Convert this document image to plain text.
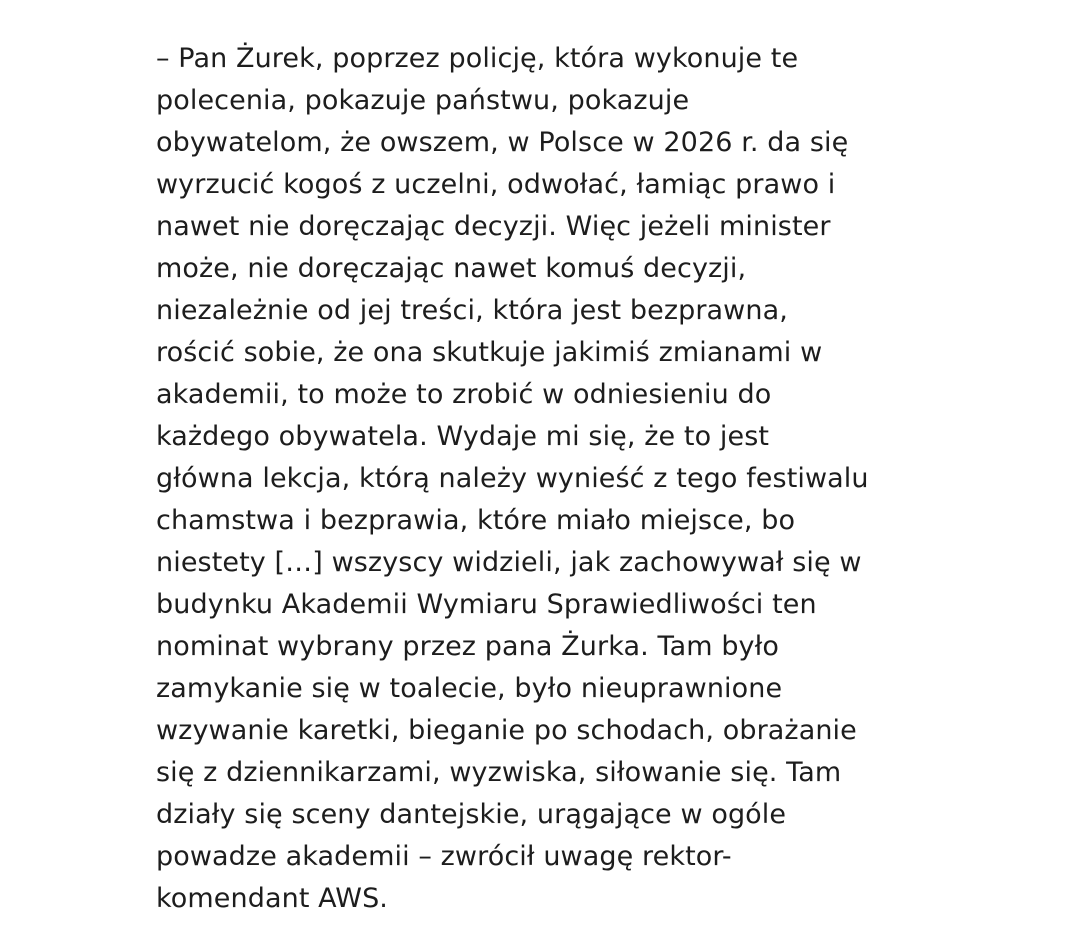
– Pan Żurek, poprzez policję, która wykonuje te
polecenia, pokazuje państwu, pokazuje
obywatelom, że owszem, w Polsce w 2026 r. da się
wyrzucić kogoś z uczelni, odwołać, łamiąc prawo i
nawet nie doręczając decyzji. Więc jeżeli minister
może, nie doręczając nawet komuś decyzji,
niezależnie od jej treści, która jest bezprawna,
rościć sobie, że ona skutkuje jakimiś zmianami w
akademii, to może to zrobić w odniesieniu do
każdego obywatela. Wydaje mi się, że to jest
główna lekcja, którą należy wynieść z tego festiwalu
chamstwa i bezprawia, które miało miejsce, bo
niestety […] wszyscy widzieli, jak zachowywał się w
budynku Akademii Wymiaru Sprawiedliwości ten
nominat wybrany przez pana Żurka. Tam było
zamykanie się w toalecie, było nieuprawnione
wzywanie karetki, bieganie po schodach, obrażanie
się z dziennikarzami, wyzwiska, siłowanie się. Tam
działy się sceny dantejskie, urągające w ogóle
powadze akademii – zwrócił uwagę rektor-
komendant AWS.
